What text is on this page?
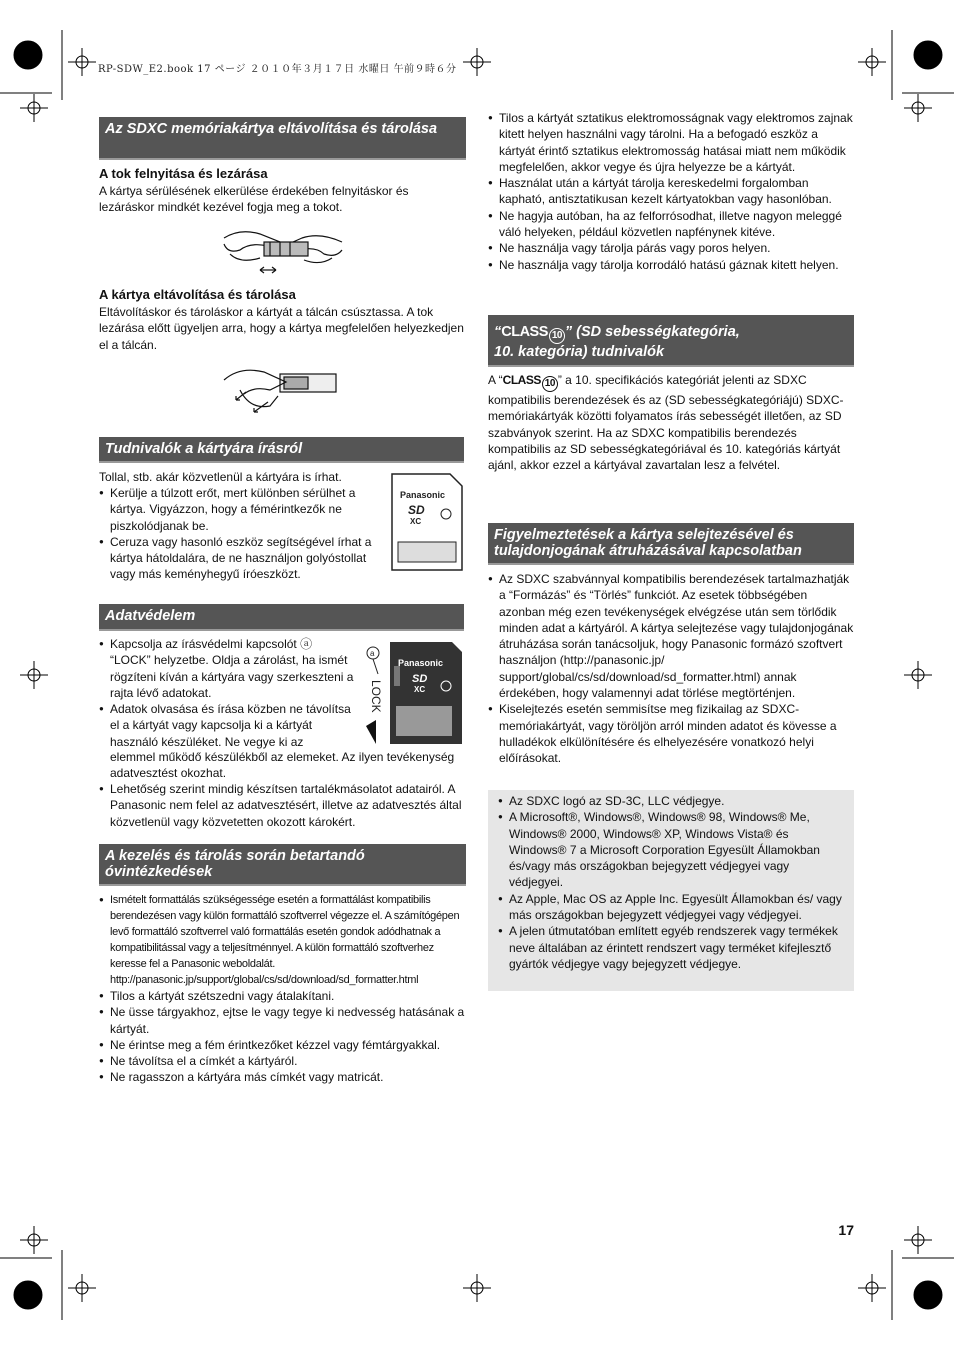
RP-SDW_E2.book 17 ページ ２０１０年３月１７日 水曜日 午前９時６分
Az SDXC memóriakártya eltávolítása és tárolása
A tok felnyitása és lezárása
A kártya sérülésének elkerülése érdekében felnyitáskor és lezáráskor mindkét kezével fogja meg a tokot.
A kártya eltávolítása és tárolása
Eltávolításkor és tároláskor a kártyát a tálcán csúsztassa. A tok lezárása előtt ügyeljen arra, hogy a kártya megfelelően helyezkedjen el a tálcán.
Tudnivalók a kártyára írásról
Tollal, stb. akár közvetlenül a kártyára is írhat.
● Kerülje a túlzott erőt, mert különben sérülhet a kártya. Vigyázzon, hogy a fémérintkezők ne piszkolódjanak be.
● Ceruza vagy hasonló eszköz segítségével írhat a kártya hátoldalára, de ne használjon golyóstollat vagy más keményhegyű íróeszközt.
Panasonic
SD
XC
Adatvédelem
● Kapcsolja az írásvédelmi kapcsolót ⓐ “LOCK” helyzetbe. Oldja a zárolást, ha ismét rögzíteni kíván a kártyára vagy szerkeszteni a rajta lévő adatokat.
● Adatok olvasása és írása közben ne távolítsa el a kártyát vagy kapcsolja ki a kártyát használó készüléket. Ne vegye ki az
elemmel működő készülékből az elemeket. Az ilyen tevékenység adatvesztést okozhat.
● Lehetőség szerint mindig készítsen tartalékmásolatot adatairól. A Panasonic nem felel az adatvesztésért, illetve az adatvesztés által közvetlenül vagy közvetetten okozott károkért.
a
Panasonic
SD
XC
LOCK
A kezelés és tárolás során betartandó óvintézkedések
● Ismételt formattálás szükségessége esetén a formattálást kompatibilis berendezésen vagy külön formattáló szoftverrel végezze el. A számítógépen levő formattáló szoftverrel való formattálás esetén gondok adódhatnak a kompatibilitással vagy a teljesítménnyel. A külön formattáló szoftverhez keresse fel a Panasonic weboldalát. http://panasonic.jp/support/global/cs/sd/download/sd_formatter.html
● Tilos a kártyát szétszedni vagy átalakítani.
● Ne üsse tárgyakhoz, ejtse le vagy tegye ki nedvesség hatásának a kártyát.
● Ne érintse meg a fém érintkezőket kézzel vagy fémtárgyakkal.
● Ne távolítsa el a címkét a kártyáról.
● Ne ragasszon a kártyára más címkét vagy matricát.
● Tilos a kártyát sztatikus elektromosságnak vagy elektromos zajnak kitett helyen használni vagy tárolni. Ha a befogadó eszköz a kártyát érintő sztatikus elektromosság hatásai miatt nem működik megfelelően, akkor vegye és újra helyezze be a kártyát.
● Használat után a kártyát tárolja kereskedelmi forgalomban kapható, antisztatikusan kezelt kártyatokban vagy hasonlóban.
● Ne hagyja autóban, ha az felforrósodhat, illetve nagyon meleggé váló helyeken, például közvetlen napfénynek kitéve.
● Ne használja vagy tárolja párás vagy poros helyen.
● Ne használja vagy tárolja korrodáló hatású gáznak kitett helyen.
“CLASS 10 ” (SD sebességkategória,
10. kategória) tudnivalók
A “CLASS 10 ” a 10. specifikációs kategóriát jelenti az SDXC kompatibilis berendezések és az (SD sebességkategóriájú) SDXC-memóriakártyák közötti folyamatos írás sebességét illetően, az SD szabványok szerint. Ha az SDXC kompatibilis berendezés kompatibilis az SD sebességkategóriával és 10. kategóriás kártyát ajánl, akkor ezzel a kártyával zavartalan lesz a felvétel.
Figyelmeztetések a kártya selejtezésével és tulajdonjogának átruházásával kapcsolatban
● Az SDXC szabvánnyal kompatibilis berendezések tartalmazhatják a “Formázás” és “Törlés” funkciót. Az esetek többségében azonban még ezen tevékenységek elvégzése után sem törlődik minden adat a kártyáról. A kártya selejtezése vagy tulajdonjogának átruházása során tanácsoljuk, hogy Panasonic formázó szoftvert használjon (http://panasonic.jp/ support/global/cs/sd/download/sd_formatter.html) annak érdekében, hogy valamennyi adat törlése megtörténjen.
● Kiselejtezés esetén semmisítse meg fizikailag az SDXC-memóriakártyát, vagy töröljön arról minden adatot és kövesse a hulladékok elkülönítésére és elhelyezésére vonatkozó helyi előírásokat.
● Az SDXC logó az SD-3C, LLC védjegye.
● A Microsoft®, Windows®, Windows® 98, Windows® Me, Windows® 2000, Windows® XP, Windows Vista® és Windows® 7 a Microsoft Corporation Egyesült Államokban és/vagy más országokban bejegyzett védjegyei vagy védjegyei.
● Az Apple, Mac OS az Apple Inc. Egyesült Államokban és/ vagy más országokban bejegyzett védjegyei vagy védjegyei.
● A jelen útmutatóban említett egyéb rendszerek vagy termékek neve általában az érintett rendszert vagy terméket kifejlesztő gyártók védjegye vagy bejegyzett védjegye.
17
